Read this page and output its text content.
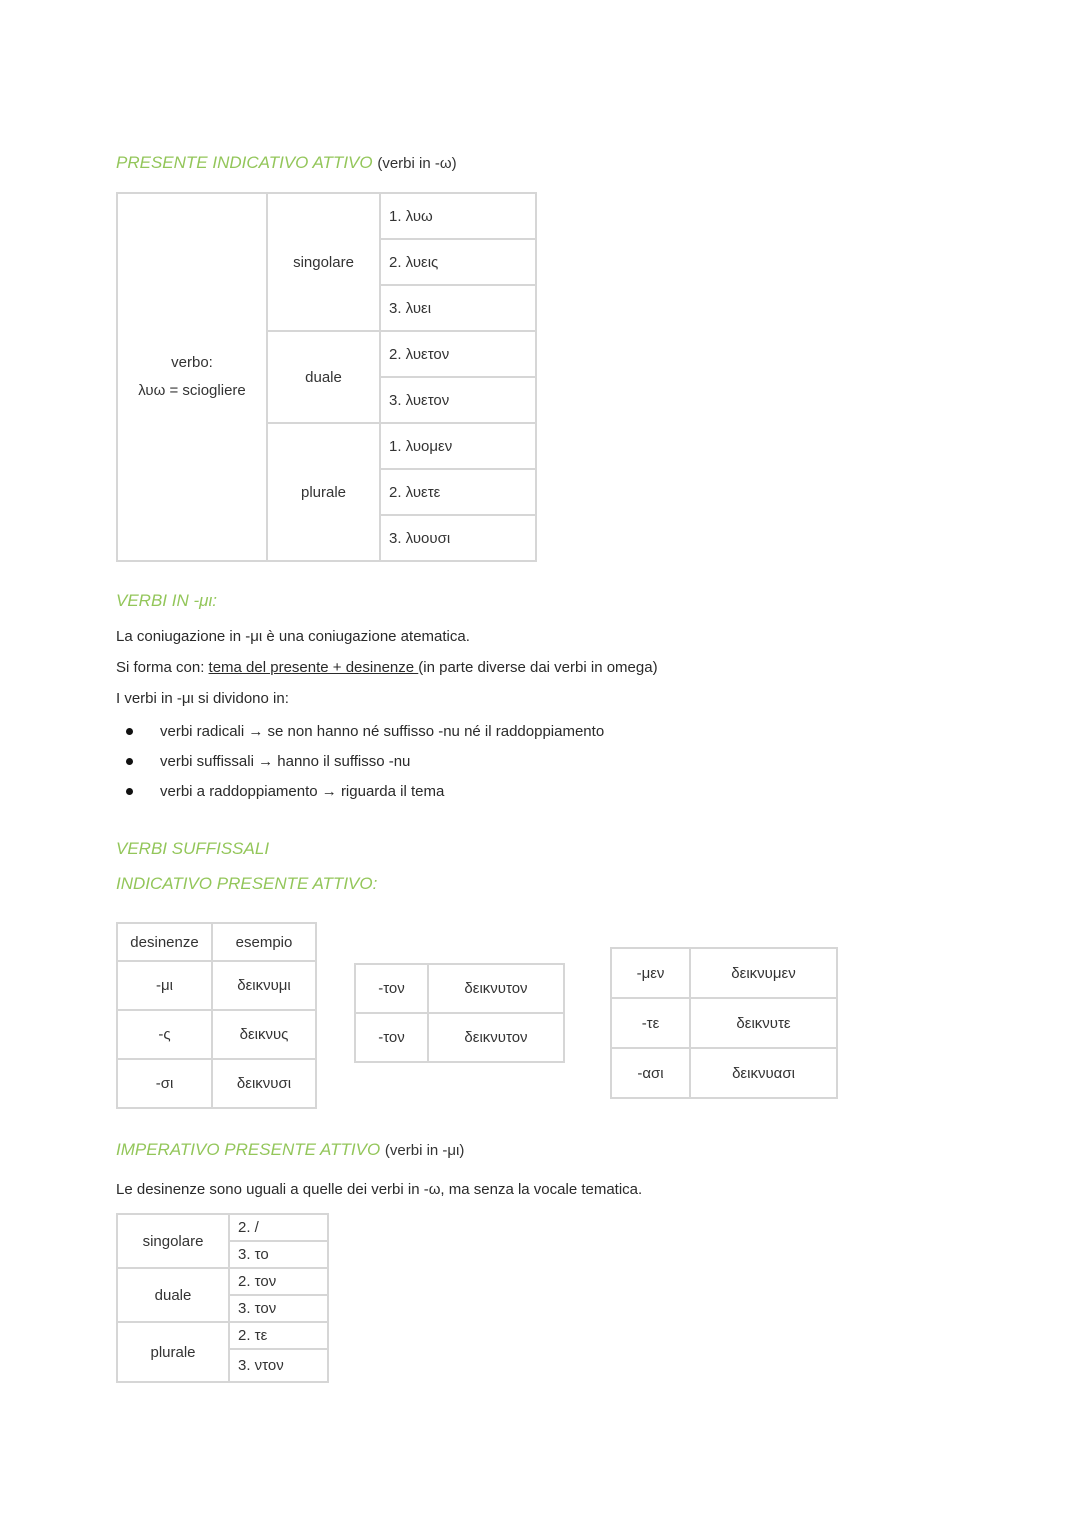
PRESENTE INDICATIVO ATTIVO (verbi in -ω)
verbo:
λυω = sciogliere	singolare	1. λυω
		2. λυεις
		3. λυει
	duale	2. λυετον
		3. λυετον
	plurale	1. λυομεν
		2. λυετε
		3. λυουσι
VERBI IN -μι:
La coniugazione in -μι è una coniugazione atematica.
Si forma con: tema del presente + desinenze (in parte diverse dai verbi in omega)
I verbi in -μι si dividono in:
verbi radicali → se non hanno né suffisso -nu né il raddoppiamento
verbi suffissali → hanno il suffisso -nu
verbi a raddoppiamento → riguarda il tema
VERBI SUFFISSALI
INDICATIVO PRESENTE ATTIVO:
desinenze	esempio
-μι	δεικνυμι
-ς	δεικνυς
-σι	δεικνυσι
-τον	δεικνυτον
-τον	δεικνυτον
-μεν	δεικνυμεν
-τε	δεικνυτε
-ασι	δεικνυασι
IMPERATIVO PRESENTE ATTIVO (verbi in -μι)
Le desinenze sono uguali a quelle dei verbi in -ω, ma senza la vocale tematica.
singolare	2. /
	3. το
duale	2. τον
	3. τον
plurale	2. τε
	3. ντον
